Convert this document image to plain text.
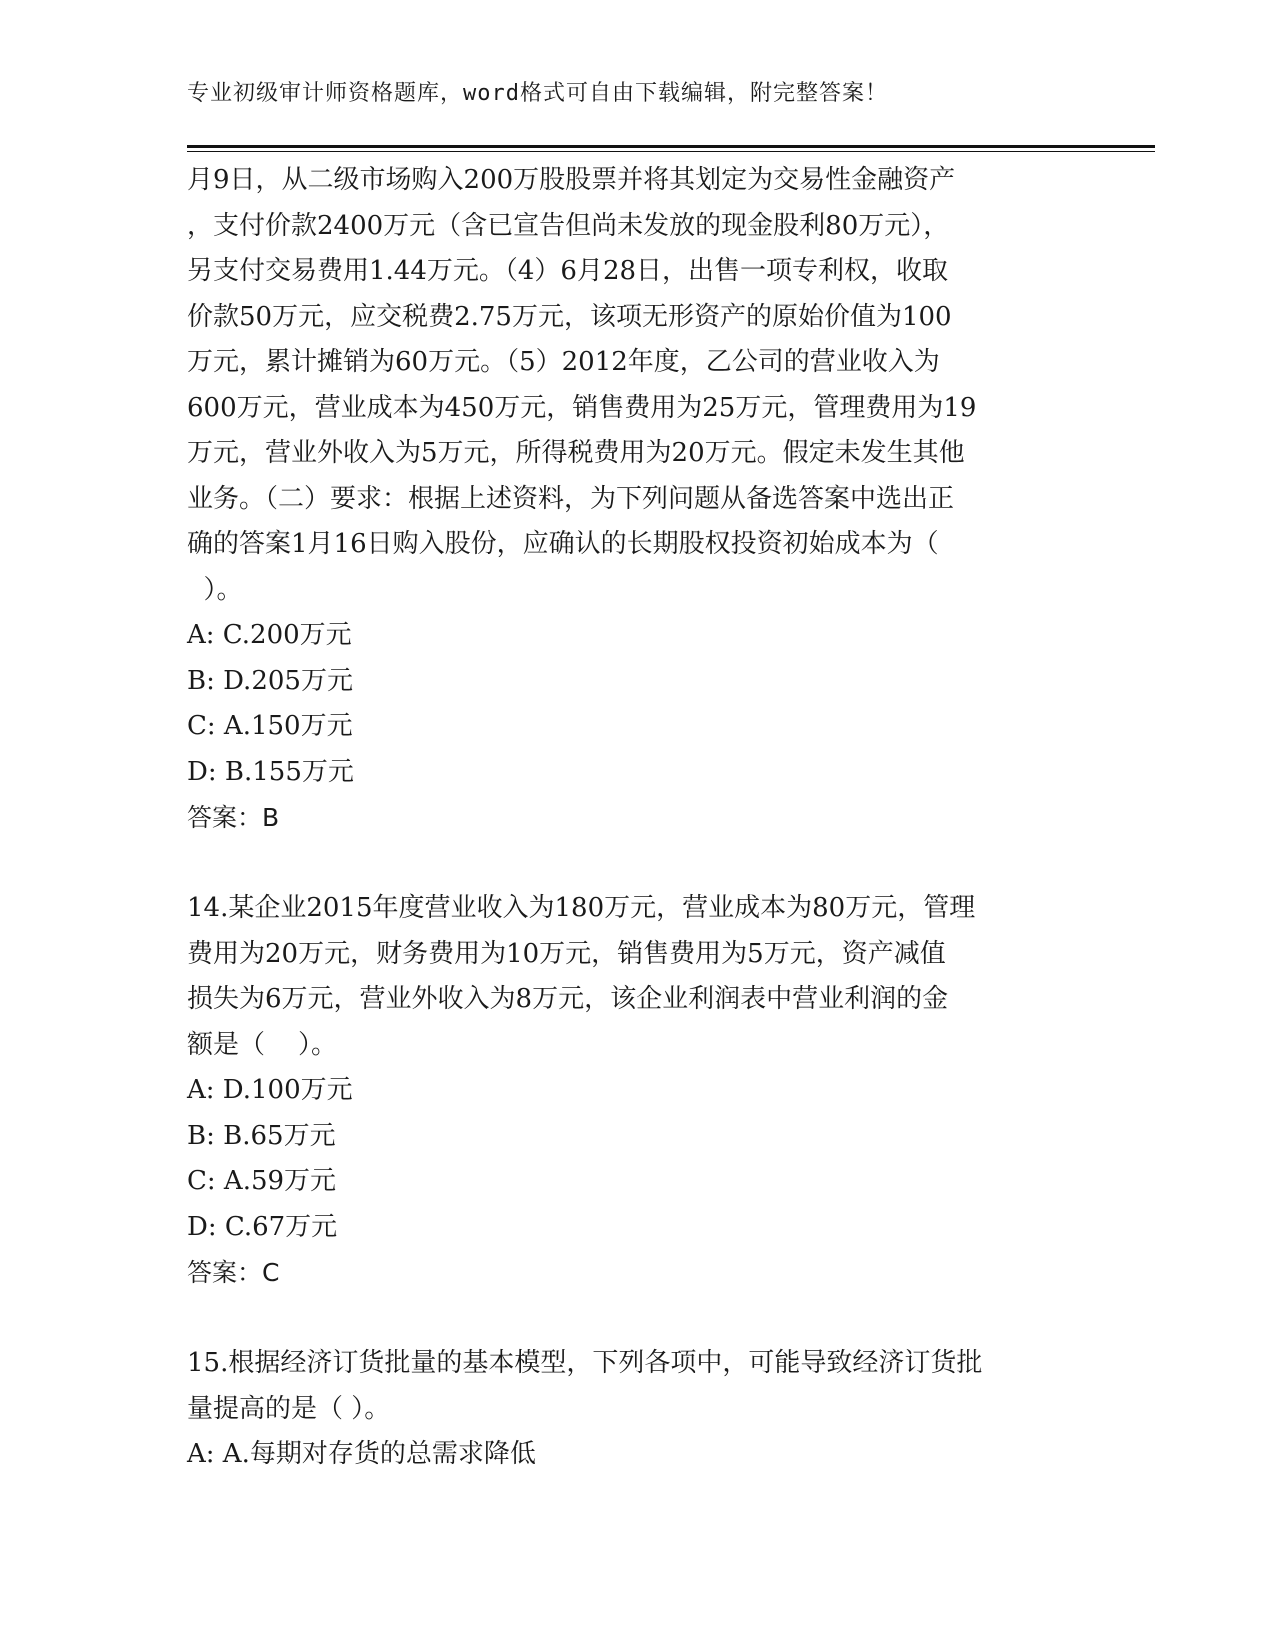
专业初级审计师资格题库，word格式可自由下载编辑，附完整答案！
月9日，从二级市场购入200万股股票并将其划定为交易性金融资产
，支付价款2400万元（含已宣告但尚未发放的现金股利80万元），
另支付交易费用1.44万元。（4）6月28日，出售一项专利权，收取
价款50万元，应交税费2.75万元，该项无形资产的原始价值为100
万元，累计摊销为60万元。（5）2012年度，乙公司的营业收入为
600万元，营业成本为450万元，销售费用为25万元，管理费用为19
万元，营业外收入为5万元，所得税费用为20万元。假定未发生其他
业务。（二）要求：根据上述资料，为下列问题从备选答案中选出正
确的答案1月16日购入股份，应确认的长期股权投资初始成本为（
）。
A: C.200万元
B: D.205万元
C: A.150万元
D: B.155万元
答案：B
14.某企业2015年度营业收入为180万元，营业成本为80万元，管理
费用为20万元，财务费用为10万元，销售费用为5万元，资产减值
损失为6万元，营业外收入为8万元，该企业利润表中营业利润的金
额是（    ）。
A: D.100万元
B: B.65万元
C: A.59万元
D: C.67万元
答案：C
15.根据经济订货批量的基本模型，下列各项中，可能导致经济订货批
量提高的是（ ）。
A: A.每期对存货的总需求降低
